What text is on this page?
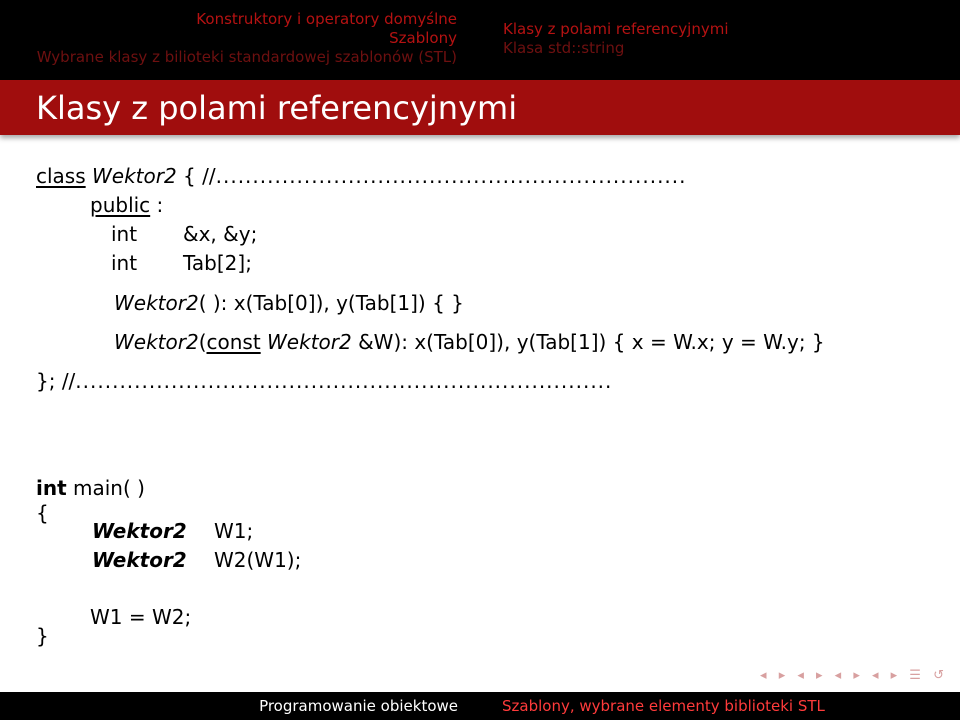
Konstruktory i operatory domyślne
Szablony
Wybrane klasy z bilioteki standardowej szablonów (STL)
Klasy z polami referencyjnymi
Klasa std::string
Klasy z polami referencyjnymi
class Wektor2 { //................................................................
public :
int &x, &y;
int Tab[2];
Wektor2( ): x(Tab[0]), y(Tab[1]) { }
Wektor2(const Wektor2 &W): x(Tab[0]), y(Tab[1]) { x = W.x; y = W.y; }
}; //.........................................................................
int main( )
{
Wektor2 W1;
Wektor2 W2(W1);
W1 = W2;
}
◂ ▸ ◂ ▸ ◂ ▸ ◂ ▸ ☰ ↺
Programowanie obiektowe	Szablony, wybrane elementy biblioteki STL
